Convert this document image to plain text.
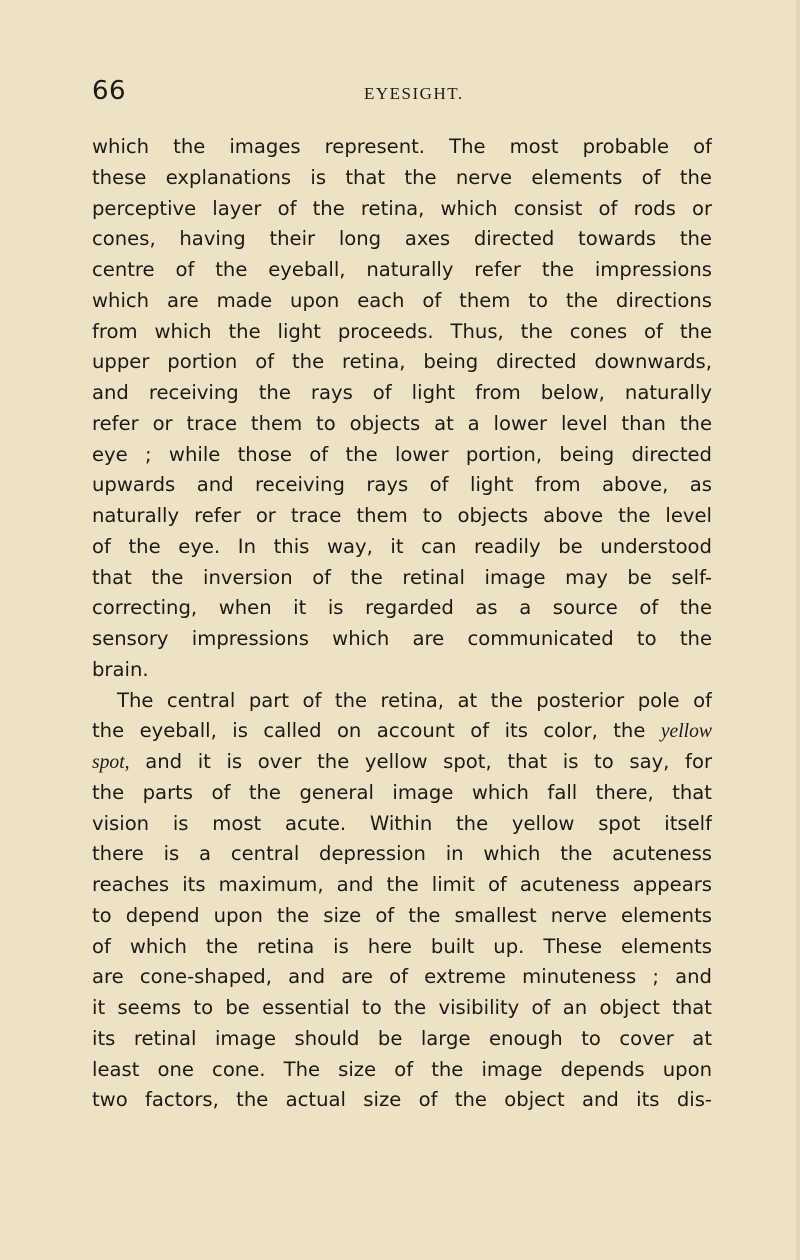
66	EYESIGHT.
which the images represent. The most probable of
these explanations is that the nerve elements of the
perceptive layer of the retina, which consist of rods or
cones, having their long axes directed towards the
centre of the eyeball, naturally refer the impressions
which are made upon each of them to the directions
from which the light proceeds. Thus, the cones of the
upper portion of the retina, being directed downwards,
and receiving the rays of light from below, naturally
refer or trace them to objects at a lower level than the
eye ; while those of the lower portion, being directed
upwards and receiving rays of light from above, as
naturally refer or trace them to objects above the level
of the eye. In this way, it can readily be understood
that the inversion of the retinal image may be self-
correcting, when it is regarded as a source of the
sensory impressions which are communicated to the
brain.
The central part of the retina, at the posterior pole of
the eyeball, is called on account of its color, the yellow
spot, and it is over the yellow spot, that is to say, for
the parts of the general image which fall there, that
vision is most acute. Within the yellow spot itself
there is a central depression in which the acuteness
reaches its maximum, and the limit of acuteness appears
to depend upon the size of the smallest nerve elements
of which the retina is here built up. These elements
are cone-shaped, and are of extreme minuteness ; and
it seems to be essential to the visibility of an object that
its retinal image should be large enough to cover at
least one cone. The size of the image depends upon
two factors, the actual size of the object and its dis-
